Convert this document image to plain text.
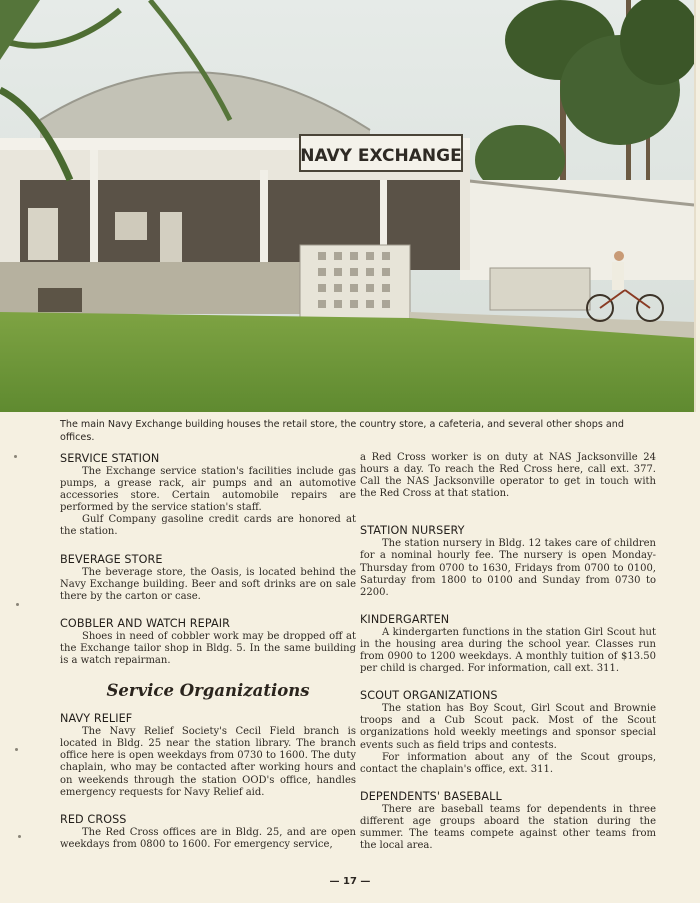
NAVY EXCHANGE
The main Navy Exchange building houses the retail store, the country store, a cafeteria, and several other shops and offices.
SERVICE STATION

The Exchange service station's facilities include gas pumps, a grease rack, air pumps and an automotive accessories store. Certain automobile repairs are performed by the service station's staff.

Gulf Company gasoline credit cards are honored at the station.

BEVERAGE STORE

The beverage store, the Oasis, is located behind the Navy Exchange building. Beer and soft drinks are on sale there by the carton or case.

COBBLER AND WATCH REPAIR

Shoes in need of cobbler work may be dropped off at the Exchange tailor shop in Bldg. 5. In the same building is a watch repairman.

Service Organizations
NAVY RELIEF

The Navy Relief Society's Cecil Field branch is located in Bldg. 25 near the station library. The branch office here is open weekdays from 0730 to 1600. The duty chaplain, who may be contacted after working hours and on weekends through the station OOD's office, handles emergency requests for Navy Relief aid.

RED CROSS

The Red Cross offices are in Bldg. 25, and are open weekdays from 0800 to 1600. For emergency service,

a Red Cross worker is on duty at NAS Jacksonville 24 hours a day. To reach the Red Cross here, call ext. 377. Call the NAS Jacksonville operator to get in touch with the Red Cross at that station.

STATION NURSERY

The station nursery in Bldg. 12 takes care of children for a nominal hourly fee. The nursery is open Monday-Thursday from 0700 to 1630, Fridays from 0700 to 0100, Saturday from 1800 to 0100 and Sunday from 0730 to 2200.

KINDERGARTEN

A kindergarten functions in the station Girl Scout hut in the housing area during the school year. Classes run from 0900 to 1200 weekdays. A monthly tuition of $13.50 per child is charged. For information, call ext. 311.

SCOUT ORGANIZATIONS

The station has Boy Scout, Girl Scout and Brownie troops and a Cub Scout pack. Most of the Scout organizations hold weekly meetings and sponsor special events such as field trips and contests.

For information about any of the Scout groups, contact the chaplain's office, ext. 311.

DEPENDENTS' BASEBALL

There are baseball teams for dependents in three different age groups aboard the station during the summer. The teams compete against other teams from the local area.

— 17 —
